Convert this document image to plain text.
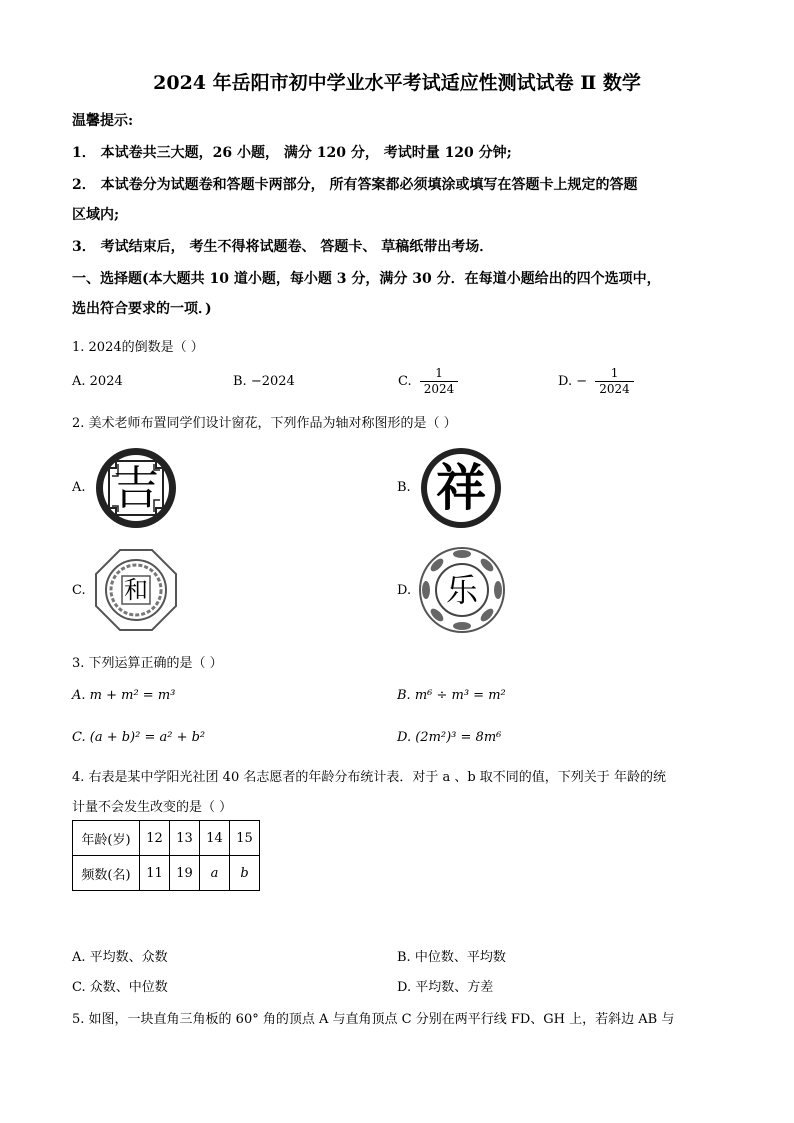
2024 年岳阳市初中学业水平考试适应性测试试卷 Ⅱ 数学
温馨提示:
1． 本试卷共三大题，26 小题， 满分 120 分， 考试时量 120 分钟;
2． 本试卷分为试题卷和答题卡两部分， 所有答案都必须填涂或填写在答题卡上规定的答题
区域内;
3． 考试结束后， 考生不得将试题卷、 答题卡、 草稿纸带出考场．
一、选择题(本大题共 10 道小题，每小题 3 分，满分 30 分．在每道小题给出的四个选项中，
选出符合要求的一项．)
1. 2024的倒数是（ ）
A. 2024	B. −2024	C. $\frac{1}{2024}$	D. − $\frac{1}{2024}$
2. 美术老师布置同学们设计窗花，下列作品为轴对称图形的是（ ）
A. 吉	B. 祥
C. 和	D. 乐
3. 下列运算正确的是（ ）
A. m + m² = m³	B. m⁶ ÷ m³ = m²
C. (a + b)² = a² + b²	D. (2m²)³ = 8m⁶
4. 右表是某中学阳光社团 40 名志愿者的年龄分布统计表．对于 a 、b 取不同的值，下列关于 年龄的统
计量不会发生改变的是（ ）
年龄(岁)	12	13	14	15
频数(名)	11	19	a	b
A. 平均数、众数	B. 中位数、平均数
C. 众数、中位数	D. 平均数、方差
5. 如图，一块直角三角板的 60° 角的顶点 A 与直角顶点 C 分别在两平行线 FD、GH 上，若斜边 AB 与
